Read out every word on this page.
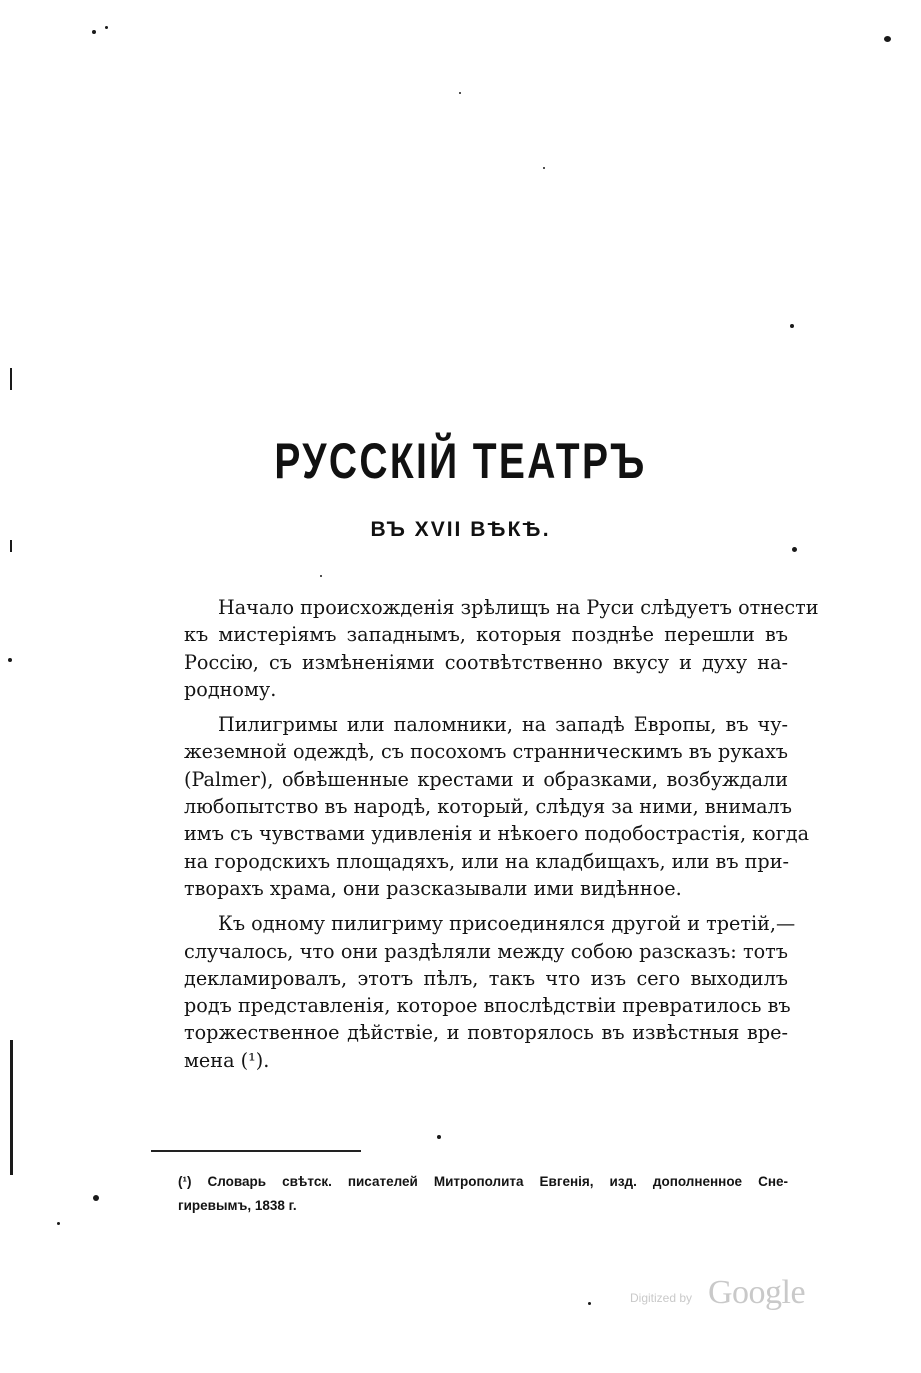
РУССКІЙ ТЕАТРЪ
ВЪ XVII ВѢКѢ.
Начало происхожденія зрѣлищъ на Руси слѣдуетъ отнести
къ мистеріямъ западнымъ, которыя позднѣе перешли въ
Россію, съ измѣненіями соотвѣтственно вкусу и духу на-
родному.
Пилигримы или паломники, на западѣ Европы, въ чу-
жеземной одеждѣ, съ посохомъ странническимъ въ рукахъ
(Palmer), обвѣшенные крестами и образками, возбуждали
любопытство въ народѣ, который, слѣдуя за ними, внималъ
имъ съ чувствами удивленія и нѣкоего подобострастія, когда
на городскихъ площадяхъ, или на кладбищахъ, или въ при-
творахъ храма, они разсказывали ими видѣнное.
Къ одному пилигриму присоединялся другой и третій,—
случалось, что они раздѣляли между собою разсказъ: тотъ
декламировалъ, этотъ пѣлъ, такъ что изъ сего выходилъ
родъ представленія, которое впослѣдствіи превратилось въ
торжественное дѣйствіе, и повторялось въ извѣстныя вре-
мена (¹).
(¹) Словарь свѣтск. писателей Митрополита Евгенія, изд. дополненное Сне-
гиревымъ, 1838 г.
Digitized by Google
